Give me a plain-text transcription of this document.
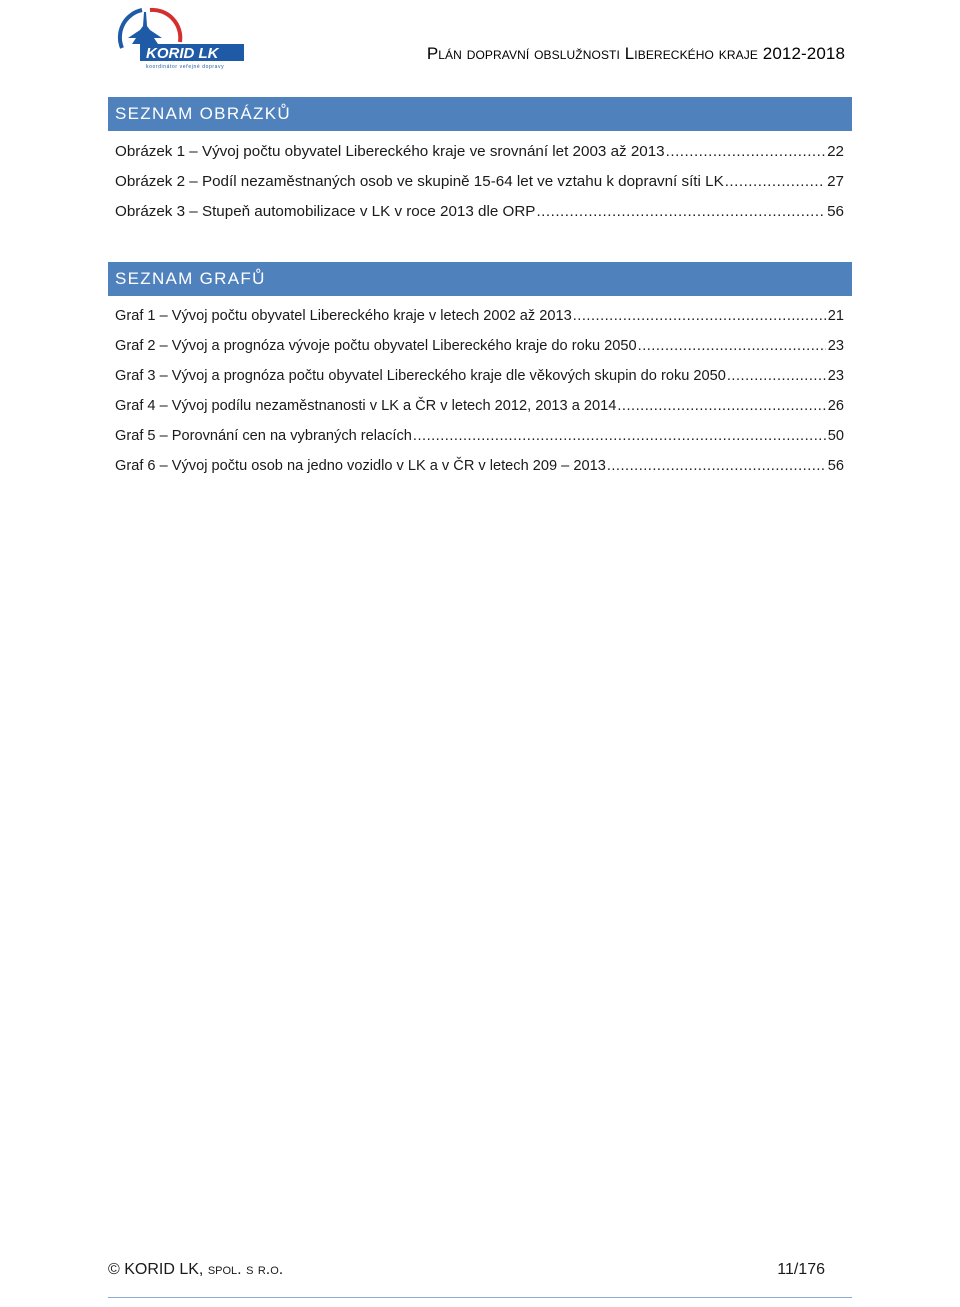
KORID LK
koordinátor veřejné dopravy
Plán dopravní obslužnosti Libereckého kraje 2012-2018
SEZNAM OBRÁZKŮ
Obrázek 1 – Vývoj počtu obyvatel Libereckého kraje ve srovnání let 2003 až 2013 .....	22
Obrázek 2 – Podíl nezaměstnaných osob ve skupině 15-64 let ve vztahu k dopravní síti LK .....	27
Obrázek 3 – Stupeň automobilizace v LK v roce 2013 dle ORP .....	56
SEZNAM GRAFŮ
Graf 1 – Vývoj počtu obyvatel Libereckého kraje v letech 2002 až 2013 .....	21
Graf 2 – Vývoj a prognóza vývoje počtu obyvatel Libereckého kraje do roku 2050 .....	23
Graf 3 – Vývoj a prognóza počtu obyvatel Libereckého kraje dle věkových skupin do roku 2050 .....	23
Graf 4 – Vývoj podílu nezaměstnanosti v LK a ČR v letech 2012, 2013 a 2014 .....	26
Graf 5 – Porovnání cen na vybraných relacích .....	50
Graf 6 – Vývoj počtu osob na jedno vozidlo v LK a v ČR v letech 209 – 2013 .....	56
© KORID LK, spol. s r.o.	11/176
